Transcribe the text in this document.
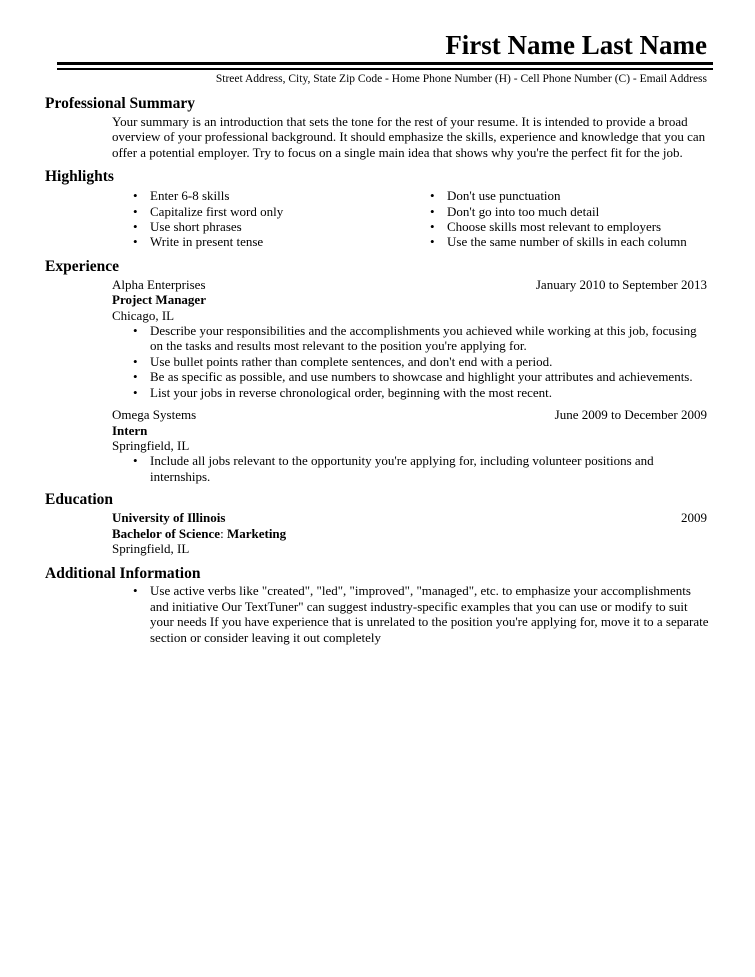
First Name Last Name
Street Address, City, State Zip Code - Home Phone Number (H) - Cell Phone Number (C) - Email Address
Professional Summary

Your summary is an introduction that sets the tone for the rest of your resume. It is intended to provide a broad overview of your professional background. It should emphasize the skills, experience and knowledge that you can offer a potential employer. Try to focus on a single main idea that shows why you're the perfect fit for the job.

Highlights
•
Enter 6-8 skills
•
Capitalize first word only
•
Use short phrases
•
Write in present tense
•
Don't use punctuation
•
Don't go into too much detail
•
Choose skills most relevant to employers
•
Use the same number of skills in each column
Experience
Alpha Enterprises	January 2010 to September 2013
Project Manager
Chicago, IL
•
Describe your responsibilities and the accomplishments you achieved while working at this job, focusing on the tasks and results most relevant to the position you're applying for.
•
Use bullet points rather than complete sentences, and don't end with a period.
•
Be as specific as possible, and use numbers to showcase and highlight your attributes and achievements.
•
List your jobs in reverse chronological order, beginning with the most recent.
Omega Systems	June 2009 to December 2009
Intern
Springfield, IL
•
Include all jobs relevant to the opportunity you're applying for, including volunteer positions and internships.
Education
University of Illinois	2009
Bachelor of Science: Marketing
Springfield, IL
Additional Information
•
Use active verbs like "created", "led", "improved", "managed", etc. to emphasize your accomplishments and initiative Our TextTuner" can suggest industry-specific examples that you can use or modify to suit your needs If you have experience that is unrelated to the position you're applying for, move it to a separate section or consider leaving it out completely
